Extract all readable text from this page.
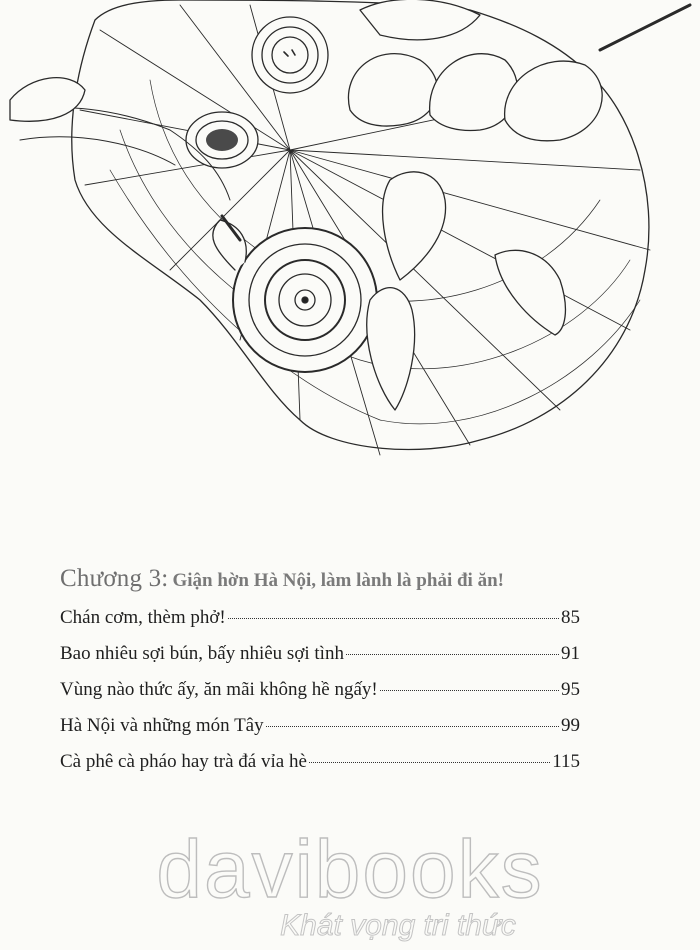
Chương 3: Giận hờn Hà Nội, làm lành là phải đi ăn!
Chán cơm, thèm phở!	85
Bao nhiêu sợi bún, bấy nhiêu sợi tình	91
Vùng nào thức ấy, ăn mãi không hề ngấy!	95
Hà Nội và những món Tây	99
Cà phê cà pháo hay trà đá vỉa hè	115
davibooks
Khát vọng tri thức
